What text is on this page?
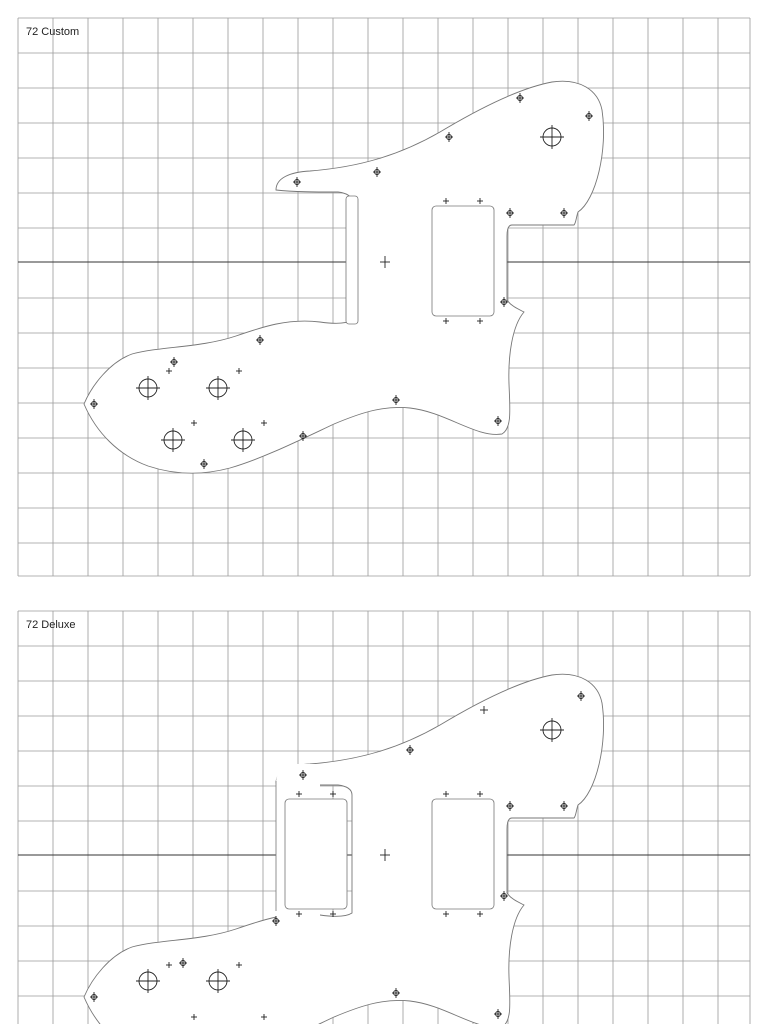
72 Custom
72 Deluxe
